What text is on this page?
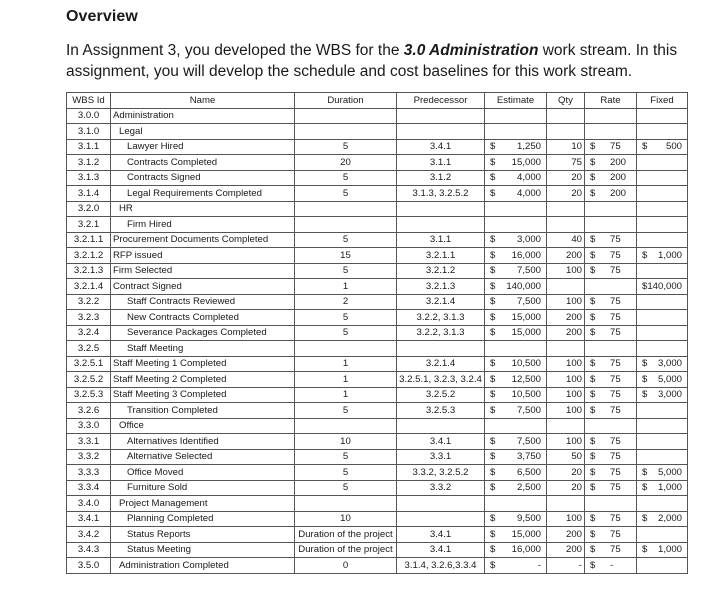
Overview
In Assignment 3, you developed the WBS for the 3.0 Administration work stream. In this assignment, you will develop the schedule and cost baselines for this work stream.
WBS Id	Name	Duration	Predecessor	Estimate	Qty	Rate	Fixed
3.0.0	Administration						
3.1.0	Legal						
3.1.1	Lawyer Hired	5	3.4.1	$ 1,250	10	$ 75	$ 500

3.1.2	Contracts Completed	20	3.1.1	$ 15,000	75	$ 200	

3.1.3	Contracts Signed	5	3.1.2	$ 4,000	20	$ 200	

3.1.4	Legal Requirements Completed	5	3.1.3, 3.2.5.2	$ 4,000	20	$ 200	

3.2.0	HR						
3.2.1	Firm Hired						
3.2.1.1	Procurement Documents Completed	5	3.1.1	$ 3,000	40	$ 75	

3.2.1.2	RFP issued	15	3.2.1.1	$ 16,000	200	$ 75	$ 1,000

3.2.1.3	Firm Selected	5	3.2.1.2	$ 7,500	100	$ 75	

3.2.1.4	Contract Signed	1	3.2.1.3	$ 140,000			$140,000

3.2.2	Staff Contracts Reviewed	2	3.2.1.4	$ 7,500	100	$ 75	

3.2.3	New Contracts Completed	5	3.2.2, 3.1.3	$ 15,000	200	$ 75	

3.2.4	Severance Packages Completed	5	3.2.2, 3.1.3	$ 15,000	200	$ 75	

3.2.5	Staff Meeting						
3.2.5.1	Staff Meeting 1 Completed	1	3.2.1.4	$ 10,500	100	$ 75	$ 3,000

3.2.5.2	Staff Meeting 2 Completed	1	3.2.5.1, 3.2.3, 3.2.4	$ 12,500	100	$ 75	$ 5,000

3.2.5.3	Staff Meeting 3 Completed	1	3.2.5.2	$ 10,500	100	$ 75	$ 3,000

3.2.6	Transition Completed	5	3.2.5.3	$ 7,500	100	$ 75	

3.3.0	Office						
3.3.1	Alternatives Identified	10	3.4.1	$ 7,500	100	$ 75	

3.3.2	Alternative Selected	5	3.3.1	$ 3,750	50	$ 75	

3.3.3	Office Moved	5	3.3.2, 3.2.5.2	$ 6,500	20	$ 75	$ 5,000

3.3.4	Furniture Sold	5	3.3.2	$ 2,500	20	$ 75	$ 1,000

3.4.0	Project Management						
3.4.1	Planning Completed	10		$ 9,500	100	$ 75	$ 2,000

3.4.2	Status Reports	Duration of the project	3.4.1	$ 15,000	200	$ 75	

3.4.3	Status Meeting	Duration of the project	3.4.1	$ 16,000	200	$ 75	$ 1,000

3.5.0	Administration Completed	0	3.1.4, 3.2.6,3.3.4	$ -	-	$ -	
